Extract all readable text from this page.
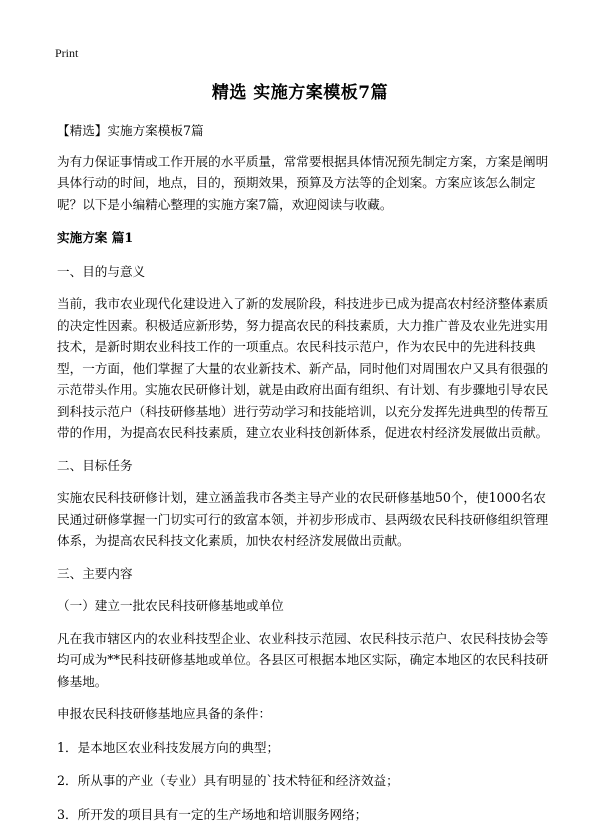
Print
精选 实施方案模板7篇

【精选】实施方案模板7篇

为有力保证事情或工作开展的水平质量，常常要根据具体情况预先制定方案，方案是阐明具体行动的时间，地点，目的，预期效果，预算及方法等的企划案。方案应该怎么制定呢？以下是小编精心整理的实施方案7篇，欢迎阅读与收藏。

实施方案 篇1

一、目的与意义

当前，我市农业现代化建设进入了新的发展阶段，科技进步已成为提高农村经济整体素质的决定性因素。积极适应新形势，努力提高农民的科技素质，大力推广普及农业先进实用技术，是新时期农业科技工作的一项重点。农民科技示范户，作为农民中的先进科技典型，一方面，他们掌握了大量的农业新技术、新产品，同时他们对周围农户又具有很强的示范带头作用。实施农民研修计划，就是由政府出面有组织、有计划、有步骤地引导农民到科技示范户（科技研修基地）进行劳动学习和技能培训，以充分发挥先进典型的传帮互带的作用，为提高农民科技素质，建立农业科技创新体系，促进农村经济发展做出贡献。

二、目标任务

实施农民科技研修计划，建立涵盖我市各类主导产业的农民研修基地50个，使1000名农民通过研修掌握一门切实可行的致富本领，并初步形成市、县两级农民科技研修组织管理体系，为提高农民科技文化素质，加快农村经济发展做出贡献。

三、主要内容

（一）建立一批农民科技研修基地或单位

凡在我市辖区内的农业科技型企业、农业科技示范园、农民科技示范户、农民科技协会等均可成为**民科技研修基地或单位。各县区可根据本地区实际，确定本地区的农民科技研修基地。

申报农民科技研修基地应具备的条件：

1．是本地区农业科技发展方向的典型；

2．所从事的产业（专业）具有明显的`技术特征和经济效益；

3．所开发的项目具有一定的生产场地和培训服务网络；
